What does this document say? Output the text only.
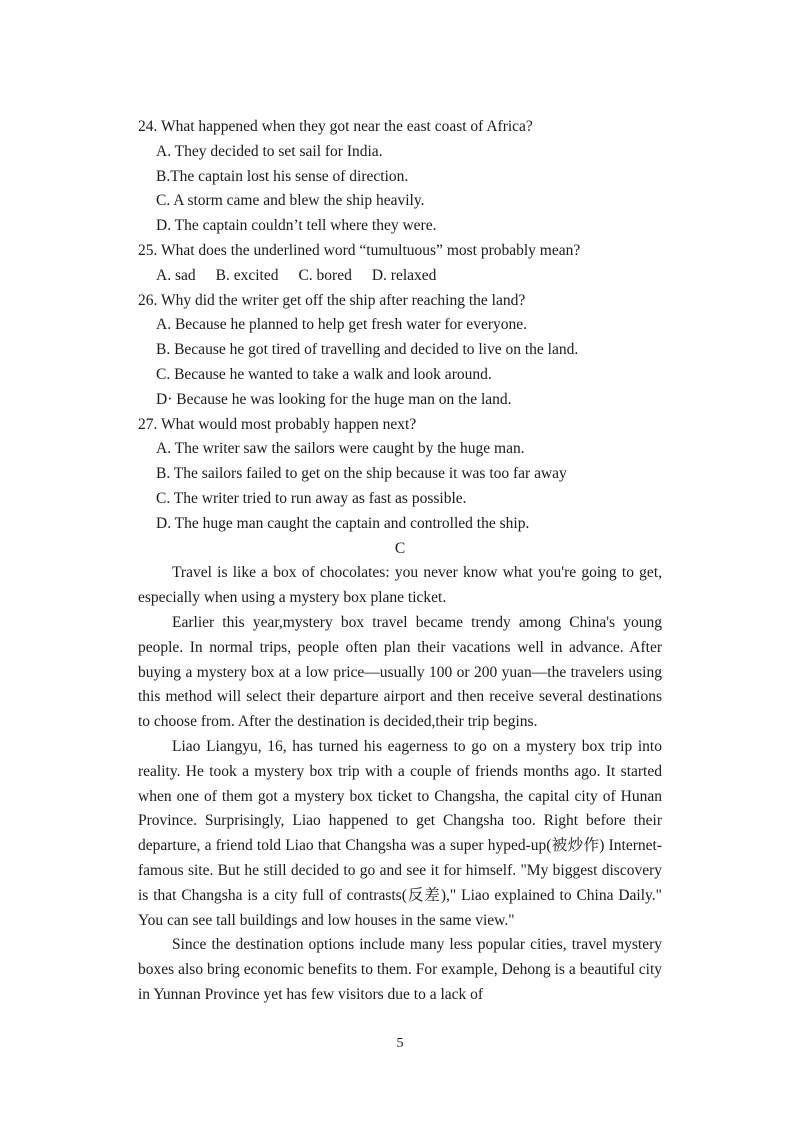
24. What happened when they got near the east coast of Africa?
A. They decided to set sail for India.
B.The captain lost his sense of direction.
C. A storm came and blew the ship heavily.
D. The captain couldn’t tell where they were.
25. What does the underlined word “tumultuous” most probably mean?
A. sad B. excited C. bored D. relaxed
26. Why did the writer get off the ship after reaching the land?
A. Because he planned to help get fresh water for everyone.
B. Because he got tired of travelling and decided to live on the land.
C. Because he wanted to take a walk and look around.
D· Because he was looking for the huge man on the land.
27. What would most probably happen next?
A. The writer saw the sailors were caught by the huge man.
B. The sailors failed to get on the ship because it was too far away
C. The writer tried to run away as fast as possible.
D. The huge man caught the captain and controlled the ship.
C

Travel is like a box of chocolates: you never know what you're going to get, especially when using a mystery box plane ticket.

Earlier this year,mystery box travel became trendy among China's young people. In normal trips, people often plan their vacations well in advance. After buying a mystery box at a low price—usually 100 or 200 yuan—the travelers using this method will select their departure airport and then receive several destinations to choose from. After the destination is decided,their trip begins.

Liao Liangyu, 16, has turned his eagerness to go on a mystery box trip into reality. He took a mystery box trip with a couple of friends months ago. It started when one of them got a mystery box ticket to Changsha, the capital city of Hunan Province. Surprisingly, Liao happened to get Changsha too. Right before their departure, a friend told Liao that Changsha was a super hyped-up(被炒作) Internet-famous site. But he still decided to go and see it for himself. "My biggest discovery is that Changsha is a city full of contrasts(反差)," Liao explained to China Daily." You can see tall buildings and low houses in the same view."

Since the destination options include many less popular cities, travel mystery boxes also bring economic benefits to them. For example, Dehong is a beautiful city in Yunnan Province yet has few visitors due to a lack of

5
